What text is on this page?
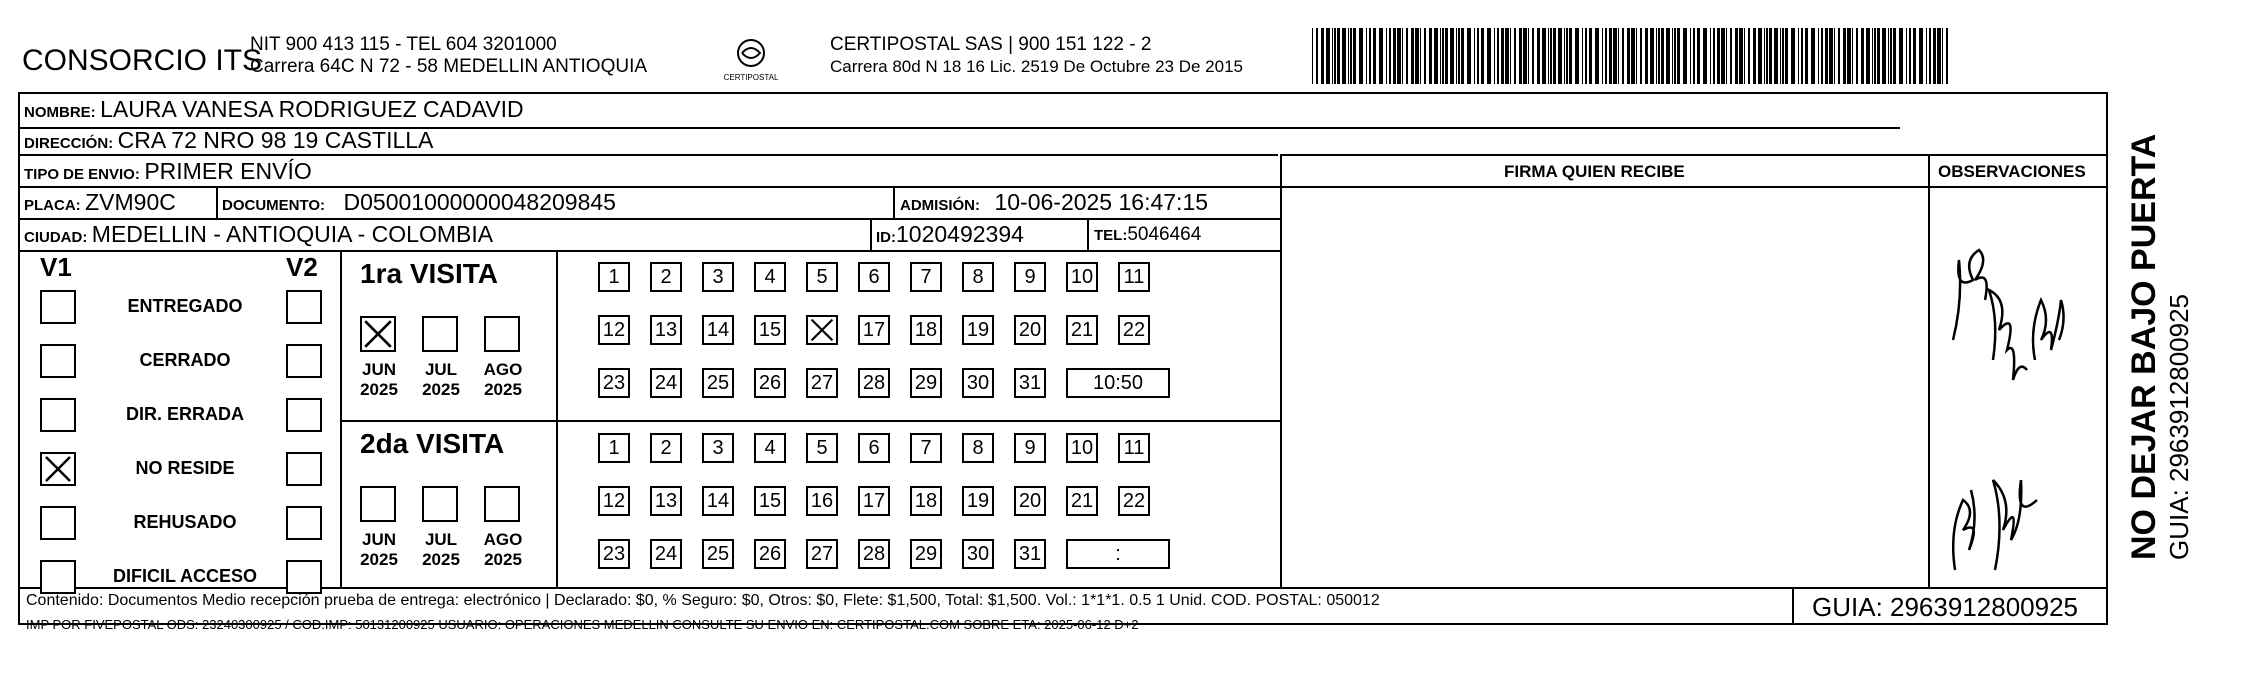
CONSORCIO ITS
NIT 900 413 115 - TEL 604 3201000
Carrera 64C N 72 - 58 MEDELLIN ANTIOQUIA
CERTIPOSTAL
CERTIPOSTAL SAS | 900 151 122 - 2
Carrera 80d N 18 16 Lic. 2519 De Octubre 23 De 2015
NOMBRE: LAURA VANESA RODRIGUEZ CADAVID
DIRECCIÓN: CRA 72 NRO 98 19 CASTILLA
TIPO DE ENVIO: PRIMER ENVÍO
PLACA: ZVM90C	DOCUMENTO: D05001000000048209845	ADMISIÓN: 10-06-2025 16:47:15
CIUDAD: MEDELLIN - ANTIOQUIA - COLOMBIA	ID:1020492394	TEL:5046464
FIRMA QUIEN RECIBE	OBSERVACIONES
V1	V2
ENTREGADO
CERRADO
DIR. ERRADA
NO RESIDE
REHUSADO
DIFICIL ACCESO
1ra VISITA
JUN
2025
JUL
2025
AGO
2025
1	2	3	4	5	6	7	8	9	10 11
12 13 14 15	17 18 19 20 21 22
23 24 25 26 27 28 29 30 31	10:50
2da VISITA
JUN
2025
JUL
2025
AGO
2025
1	2	3	4	5	6	7	8	9	10 11
12 13 14 15 16 17 18 19 20 21 22
23 24 25 26 27 28 29 30 31	:
Contenido: Documentos Medio recepción prueba de entrega: electrónico | Declarado: $0, % Seguro: $0, Otros: $0, Flete: $1,500, Total: $1,500. Vol.: 1*1*1. 0.5 1 Unid. COD. POSTAL: 050012
IMP POR FIVEPOSTAL ODS: 23240300925 / COD.IMP: 50131200925 USUARIO: OPERACIONES MEDELLIN CONSULTE SU ENVIO EN: CERTIPOSTAL.COM SOBRE ETA: 2025-06-12 D+2
GUIA: 2963912800925
NO DEJAR BAJO PUERTA GUIA: 2963912800925
